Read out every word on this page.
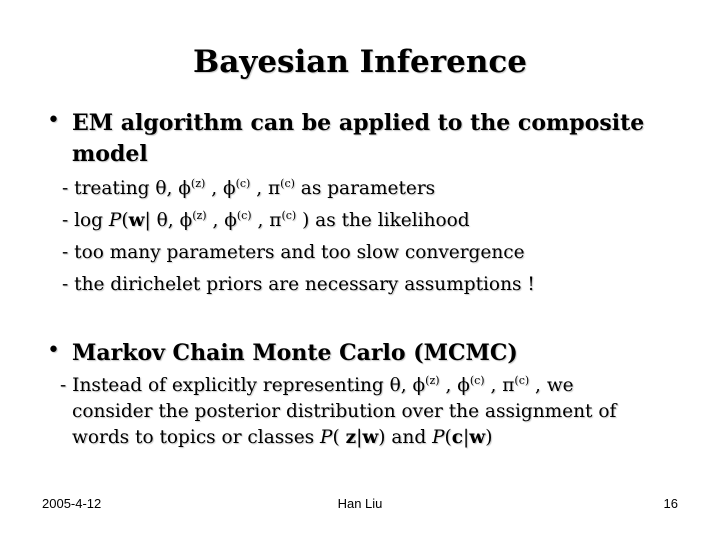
Bayesian Inference
• EM algorithm can be applied to the composite model
- treating θ, $\phi^{(z)}$ , $\phi^{(c)}$ , $\pi^{(c)}$ as parameters
- log P(w| θ, $\phi^{(z)}$ , $\phi^{(c)}$ , $\pi^{(c)}$ ) as the likelihood
- too many parameters and too slow convergence
- the dirichelet priors are necessary assumptions !
• Markov Chain Monte Carlo (MCMC)
- Instead of explicitly representing θ, $\phi^{(z)}$ , $\phi^{(c)}$ , $\pi^{(c)}$ , we
consider the posterior distribution over the assignment of
words to topics or classes P( z|w) and P(c|w)
2005-4-12	Han Liu	16
